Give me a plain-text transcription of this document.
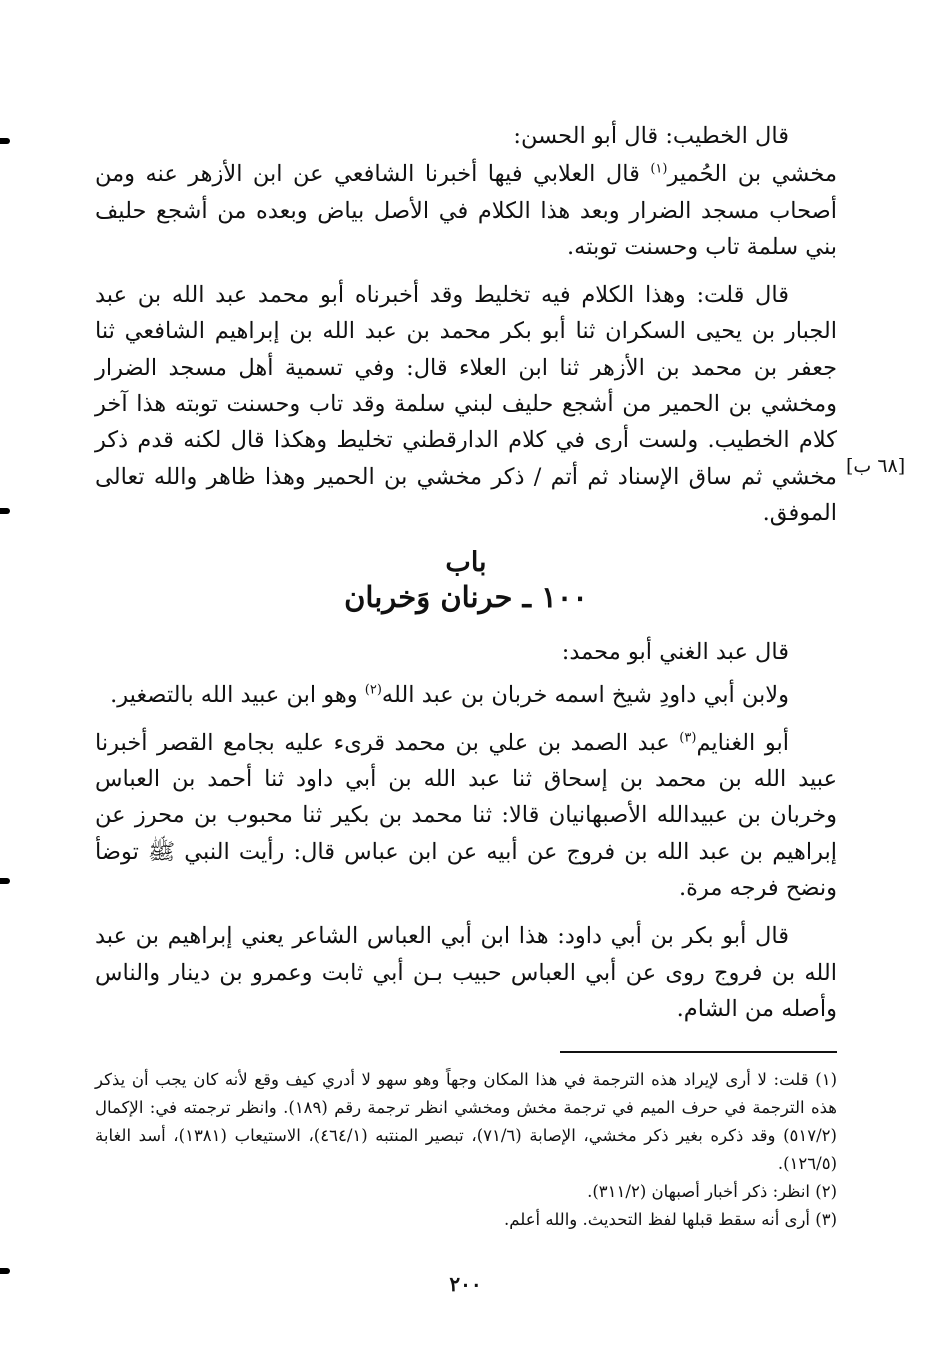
قال الخطيب: قال أبو الحسن:

مخشي بن الحُمير$^{(١)}$ قال العلابي فيها أخبرنا الشافعي عن ابن الأزهر عنه ومن أصحاب مسجد الضرار وبعد هذا الكلام في الأصل بياض وبعده من أشجع حليف بني سلمة تاب وحسنت توبته.

قال قلت: وهذا الكلام فيه تخليط وقد أخبرناه أبو محمد عبد الله بن عبد الجبار بن يحيى السكران ثنا أبو بكر محمد بن عبد الله بن إبراهيم الشافعي ثنا جعفر بن محمد بن الأزهر ثنا ابن العلاء قال: وفي تسمية أهل مسجد الضرار ومخشي بن الحمير من أشجع حليف لبني سلمة وقد تاب وحسنت توبته هذا آخر كلام الخطيب. ولست أرى في كلام الدارقطني تخليط وهكذا قال لكنه قدم ذكر مخشي ثم ساق الإسناد ثم أتم / ذكر مخشي بن الحمير وهذا ظاهر والله تعالى الموفق.

باب
١٠٠ ـ حرنان وَخربان

قال عبد الغني أبو محمد:

ولابن أبي داودِ شيخ اسمه خربان بن عبد الله$^{(٢)}$ وهو ابن عبيد الله بالتصغير.

أبو الغنايم$^{(٣)}$ عبد الصمد بن علي بن محمد قرىء عليه بجامع القصر أخبرنا عبيد الله بن محمد بن إسحاق ثنا عبد الله بن أبي داود ثنا أحمد بن العباس وخربان بن عبيدالله الأصبهانيان قالا: ثنا محمد بن بكير ثنا محبوب بن محرز عن إبراهيم بن عبد الله بن فروج عن أبيه عن ابن عباس قال: رأيت النبي ﷺ توضأ ونضح فرجه مرة.

قال أبو بكر بن أبي داود: هذا ابن أبي العباس الشاعر يعني إبراهيم بن عبد الله بن فروج روى عن أبي العباس حبيب بـن أبي ثابت وعمرو بن دينار والناس وأصله من الشام.

[٦٨ ب]

(١) قلت: لا أرى لإيراد هذه الترجمة في هذا المكان وجهاً وهو سهو لا أدري كيف وقع لأنه كان يجب أن يذكر هذه الترجمة في حرف الميم في ترجمة مخش ومخشي انظر ترجمة رقم (١٨٩). وانظر ترجمته في: الإكمال (٥١٧/٢) وقد ذكره بغير ذكر مخشي، الإصابة (٧١/٦)، تبصير المنتبه (٤٦٤/١)، الاستيعاب (١٣٨١)، أسد الغابة (١٢٦/٥).

(٢) انظر: ذكر أخبار أصبهان (٣١١/٢).

(٣) أرى أنه سقط قبلها لفظ التحديث. والله أعلم.

٢٠٠
